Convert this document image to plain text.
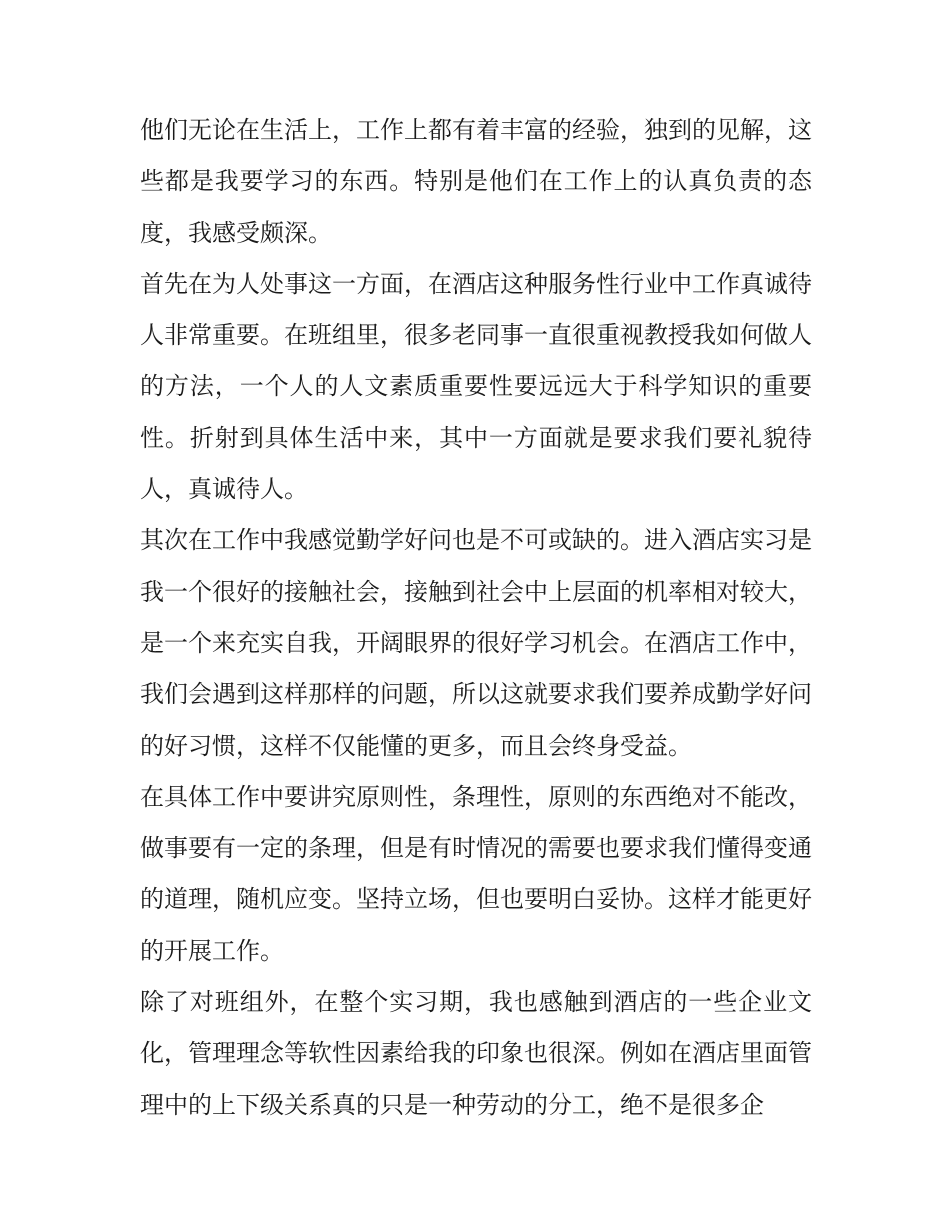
他们无论在生活上，工作上都有着丰富的经验，独到的见解，这些都是我要学习的东西。特别是他们在工作上的认真负责的态度，我感受颇深。

首先在为人处事这一方面，在酒店这种服务性行业中工作真诚待人非常重要。在班组里，很多老同事一直很重视教授我如何做人的方法，一个人的人文素质重要性要远远大于科学知识的重要性。折射到具体生活中来，其中一方面就是要求我们要礼貌待人，真诚待人。

其次在工作中我感觉勤学好问也是不可或缺的。进入酒店实习是我一个很好的接触社会，接触到社会中上层面的机率相对较大，是一个来充实自我，开阔眼界的很好学习机会。在酒店工作中，我们会遇到这样那样的问题，所以这就要求我们要养成勤学好问的好习惯，这样不仅能懂的更多，而且会终身受益。

在具体工作中要讲究原则性，条理性，原则的东西绝对不能改，做事要有一定的条理，但是有时情况的需要也要求我们懂得变通的道理，随机应变。坚持立场，但也要明白妥协。这样才能更好的开展工作。

除了对班组外，在整个实习期，我也感触到酒店的一些企业文化，管理理念等软性因素给我的印象也很深。例如在酒店里面管理中的上下级关系真的只是一种劳动的分工，绝不是很多企
